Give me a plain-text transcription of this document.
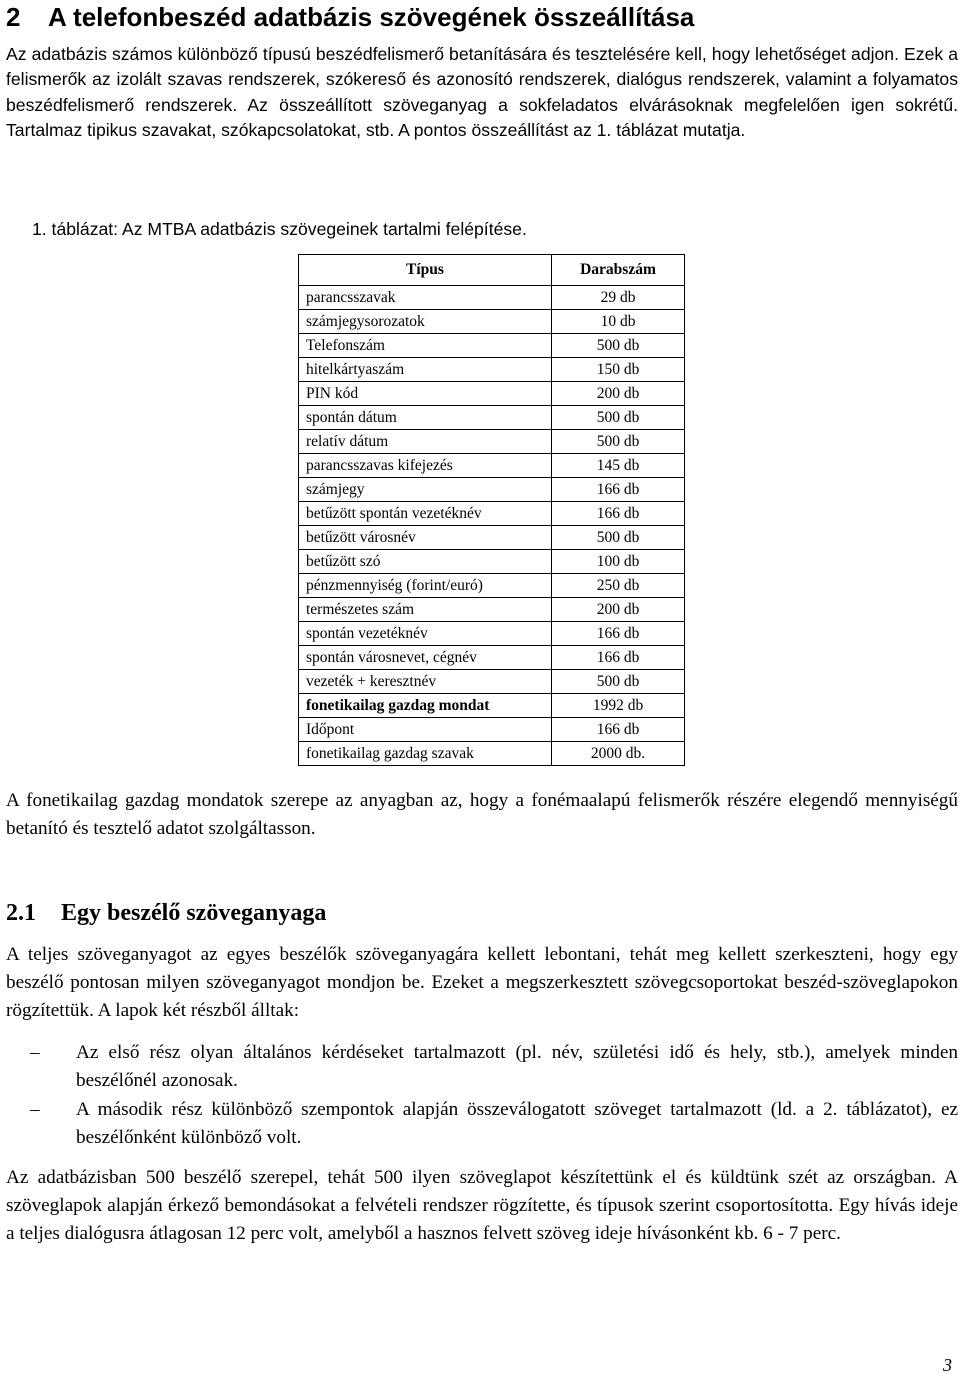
2 A telefonbeszéd adatbázis szövegének összeállítása
Az adatbázis számos különböző típusú beszédfelismerő betanítására és tesztelésére kell, hogy lehetőséget adjon. Ezek a felismerők az izolált szavas rendszerek, szókereső és azonosító rendszerek, dialógus rendszerek, valamint a folyamatos beszédfelismerő rendszerek. Az összeállított szöveganyag a sokfeladatos elvárásoknak megfelelően igen sokrétű. Tartalmaz tipikus szavakat, szókapcsolatokat, stb. A pontos összeállítást az 1. táblázat mutatja.
1. táblázat: Az MTBA adatbázis szövegeinek tartalmi felépítése.
Típus	Darabszám
parancsszavak	29 db
számjegysorozatok	10 db
Telefonszám	500 db
hitelkártyaszám	150 db
PIN kód	200 db
spontán dátum	500 db
relatív dátum	500 db
parancsszavas kifejezés	145 db
számjegy	166 db
betűzött spontán vezetéknév	166 db
betűzött városnév	500 db
betűzött szó	100 db
pénzmennyiség (forint/euró)	250 db
természetes szám	200 db
spontán vezetéknév	166 db
spontán városnevet, cégnév	166 db
vezeték + keresztnév	500 db
fonetikailag gazdag mondat	1992 db
Időpont	166 db
fonetikailag gazdag szavak	2000 db.
A fonetikailag gazdag mondatok szerepe az anyagban az, hogy a fonémaalapú felismerők részére elegendő mennyiségű betanító és tesztelő adatot szolgáltasson.
2.1 Egy beszélő szöveganyaga
A teljes szöveganyagot az egyes beszélők szöveganyagára kellett lebontani, tehát meg kellett szerkeszteni, hogy egy beszélő pontosan milyen szöveganyagot mondjon be. Ezeket a megszerkesztett szövegcsoportokat beszéd-szöveglapokon rögzítettük. A lapok két részből álltak:
– Az első rész olyan általános kérdéseket tartalmazott (pl. név, születési idő és hely, stb.), amelyek minden beszélőnél azonosak.
– A második rész különböző szempontok alapján összeválogatott szöveget tartalmazott (ld. a 2. táblázatot), ez beszélőnként különböző volt.
Az adatbázisban 500 beszélő szerepel, tehát 500 ilyen szöveglapot készítettünk el és küldtünk szét az országban. A szöveglapok alapján érkező bemondásokat a felvételi rendszer rögzítette, és típusok szerint csoportosította. Egy hívás ideje a teljes dialógusra átlagosan 12 perc volt, amelyből a hasznos felvett szöveg ideje hívásonként kb. 6 - 7 perc.
3
